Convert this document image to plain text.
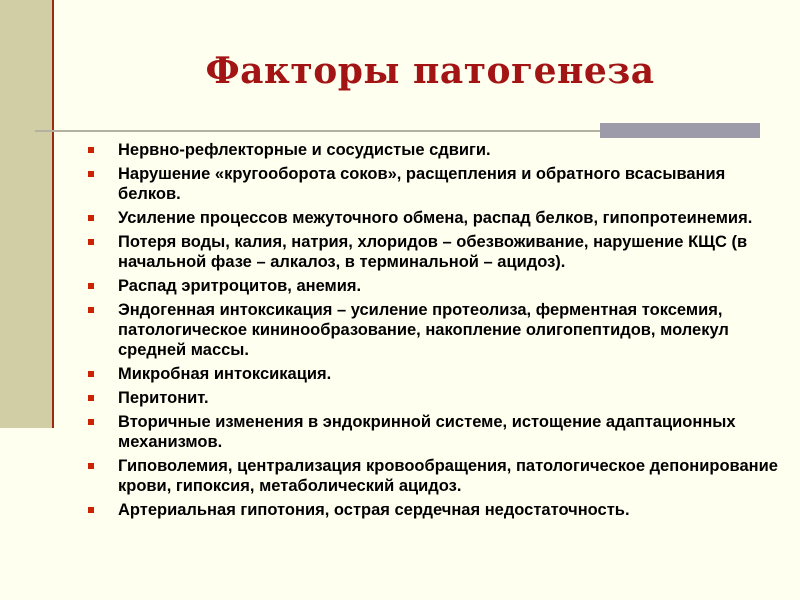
Факторы патогенеза
Нервно-рефлекторные и сосудистые сдвиги.
Нарушение «кругооборота соков», расщепления и обратного всасывания белков.
Усиление процессов межуточного обмена, распад белков, гипопротеинемия.
Потеря воды, калия, натрия, хлоридов – обезвоживание, нарушение КЩС (в начальной фазе – алкалоз, в терминальной – ацидоз).
Распад эритроцитов, анемия.
Эндогенная интоксикация – усиление протеолиза, ферментная токсемия, патологическое кининообразование, накопление олигопептидов, молекул средней массы.
Микробная интоксикация.
Перитонит.
Вторичные изменения в эндокринной системе, истощение адаптационных механизмов.
Гиповолемия, централизация кровообращения, патологическое депонирование крови, гипоксия, метаболический ацидоз.
Артериальная гипотония, острая сердечная недостаточность.
